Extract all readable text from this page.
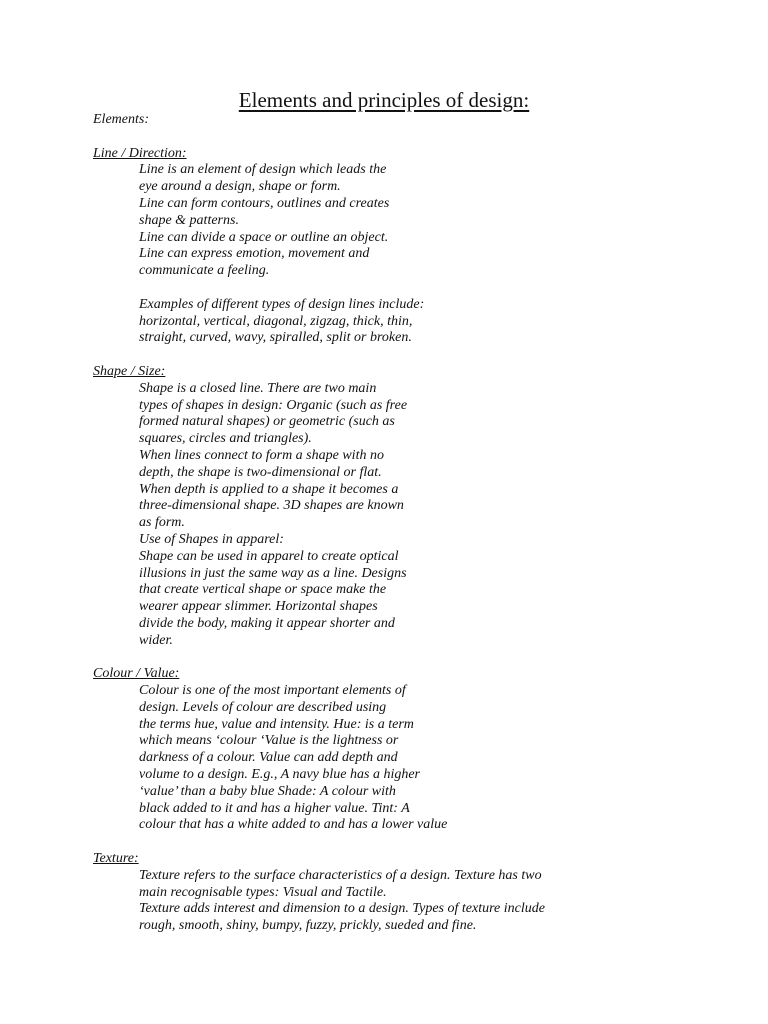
Elements and principles of design:
Elements:
Line / Direction:
Line is an element of design which leads the
eye around a design, shape or form.
Line can form contours, outlines and creates
shape & patterns.
Line can divide a space or outline an object.
Line can express emotion, movement and
communicate a feeling.
Examples of different types of design lines include:
horizontal, vertical, diagonal, zigzag, thick, thin,
straight, curved, wavy, spiralled, split or broken.
Shape / Size:
Shape is a closed line. There are two main
types of shapes in design: Organic (such as free
formed natural shapes) or geometric (such as
squares, circles and triangles).
When lines connect to form a shape with no
depth, the shape is two-dimensional or flat.
When depth is applied to a shape it becomes a
three-dimensional shape. 3D shapes are known
as form.
Use of Shapes in apparel:
Shape can be used in apparel to create optical
illusions in just the same way as a line. Designs
that create vertical shape or space make the
wearer appear slimmer. Horizontal shapes
divide the body, making it appear shorter and
wider.
Colour / Value:
Colour is one of the most important elements of
design. Levels of colour are described using
the terms hue, value and intensity. Hue: is a term
which means ‘colour ‘Value is the lightness or
darkness of a colour. Value can add depth and
volume to a design. E.g., A navy blue has a higher
‘value’ than a baby blue Shade: A colour with
black added to it and has a higher value. Tint: A
colour that has a white added to and has a lower value
Texture:
Texture refers to the surface characteristics of a design. Texture has two
main recognisable types: Visual and Tactile.
Texture adds interest and dimension to a design. Types of texture include
rough, smooth, shiny, bumpy, fuzzy, prickly, sueded and fine.
